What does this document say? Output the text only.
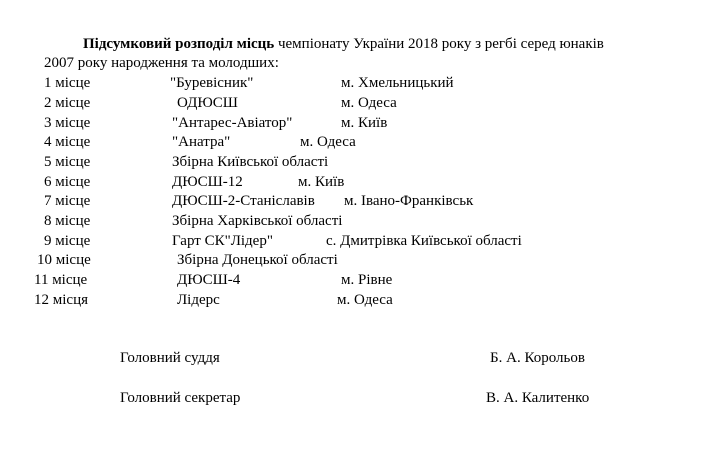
Підсумковий розподіл місць чемпіонату України 2018 року з регбі серед юнаків
2007 року народження та молодших:
1 місце	"Буревісник"	м. Хмельницький
2 місце	ОДЮСШ	м. Одеса
3 місце	"Антарес-Авіатор"	м. Київ
4 місце	"Анатра"	м. Одеса
5 місце	Збірна Київської області
6 місце	ДЮСШ-12	м. Київ
7 місце	ДЮСШ-2-Станіславів м. Івано-Франківськ
8 місце	Збірна Харківської області
9 місце	Гарт СК"Лідер"	с. Дмитрівка Київської області
10 місце	Збірна Донецької області
11 місце	ДЮСШ-4	м. Рівне
12 місця	Лідерс	м. Одеса
Головний суддя	Б. А. Корольов
Головний секретар	В. А. Калитенко
